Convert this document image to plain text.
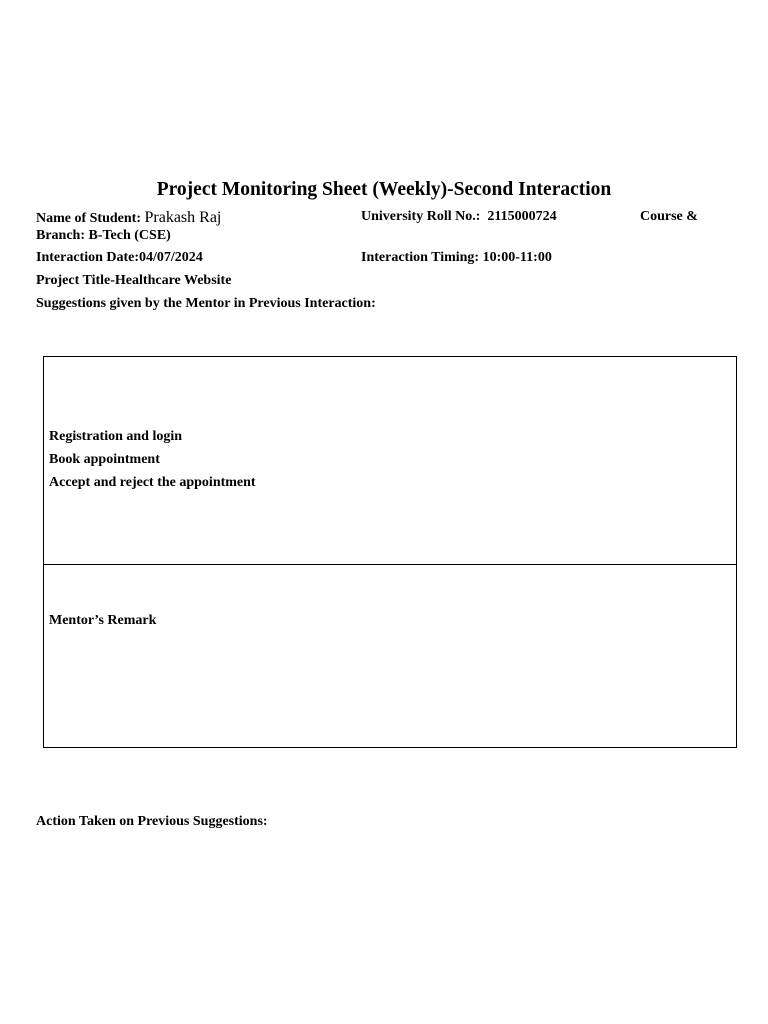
Project Monitoring Sheet (Weekly)-Second Interaction
Name of Student: Prakash Raj	University Roll No.: 2115000724	Course &
Branch: B-Tech (CSE)
Interaction Date:04/07/2024	Interaction Timing: 10:00-11:00
Project Title-Healthcare Website
Suggestions given by the Mentor in Previous Interaction:
Registration and login
Book appointment
Accept and reject the appointment
Mentor’s Remark
Action Taken on Previous Suggestions:
